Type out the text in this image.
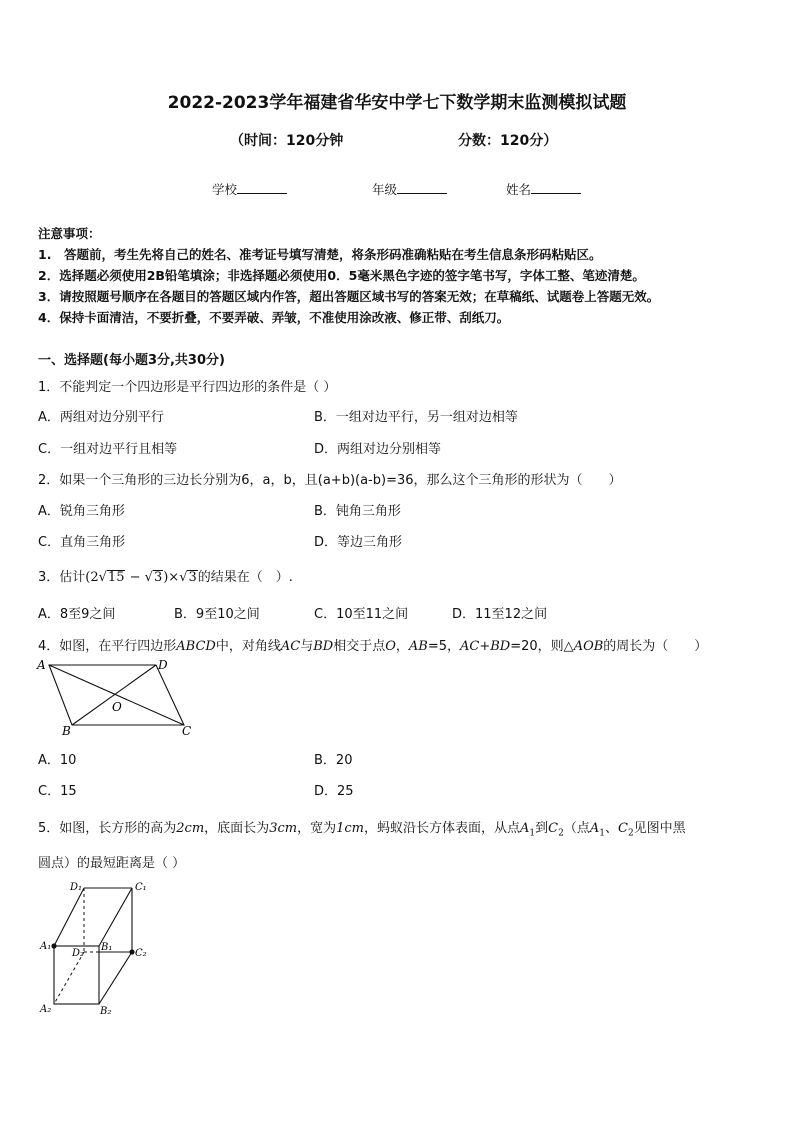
2022-2023学年福建省华安中学七下数学期末监测模拟试题
（时间：120分钟	分数：120分）
学校	年级	姓名
注意事项：
1.　答题前，考生先将自己的姓名、准考证号填写清楚，将条形码准确粘贴在考生信息条形码粘贴区。
2．选择题必须使用2B铅笔填涂；非选择题必须使用0．5毫米黑色字迹的签字笔书写，字体工整、笔迹清楚。
3．请按照题号顺序在各题目的答题区域内作答，超出答题区域书写的答案无效；在草稿纸、试题卷上答题无效。
4．保持卡面清洁，不要折叠，不要弄破、弄皱，不准使用涂改液、修正带、刮纸刀。
一、选择题(每小题3分,共30分)
1．不能判定一个四边形是平行四边形的条件是（ ）
A．两组对边分别平行	B．一组对边平行，另一组对边相等
C．一组对边平行且相等	D．两组对边分别相等
2．如果一个三角形的三边长分别为6，a，b，且(a+b)(a-b)=36，那么这个三角形的形状为（　　）
A．锐角三角形	B．钝角三角形
C．直角三角形	D．等边三角形
3．估计(2√15 − √3)×√3的结果在（　）.
A．8至9之间	B．9至10之间	C．10至11之间	D．11至12之间
4．如图，在平行四边形ABCD中，对角线AC与BD相交于点O，AB=5，AC+BD=20，则△AOB的周长为（　　）
A	D
B	C
O
A．10	B．20
C．15	D．25
5．如图，长方形的高为2cm，底面长为3cm，宽为1cm，蚂蚁沿长方体表面，从点$A_1$到$C_2$（点$A_1$、$C_2$见图中黑
圆点）的最短距离是（ ）
D₁	C₁
A₁	B₁
C₂
D₂
A₂	B₂
